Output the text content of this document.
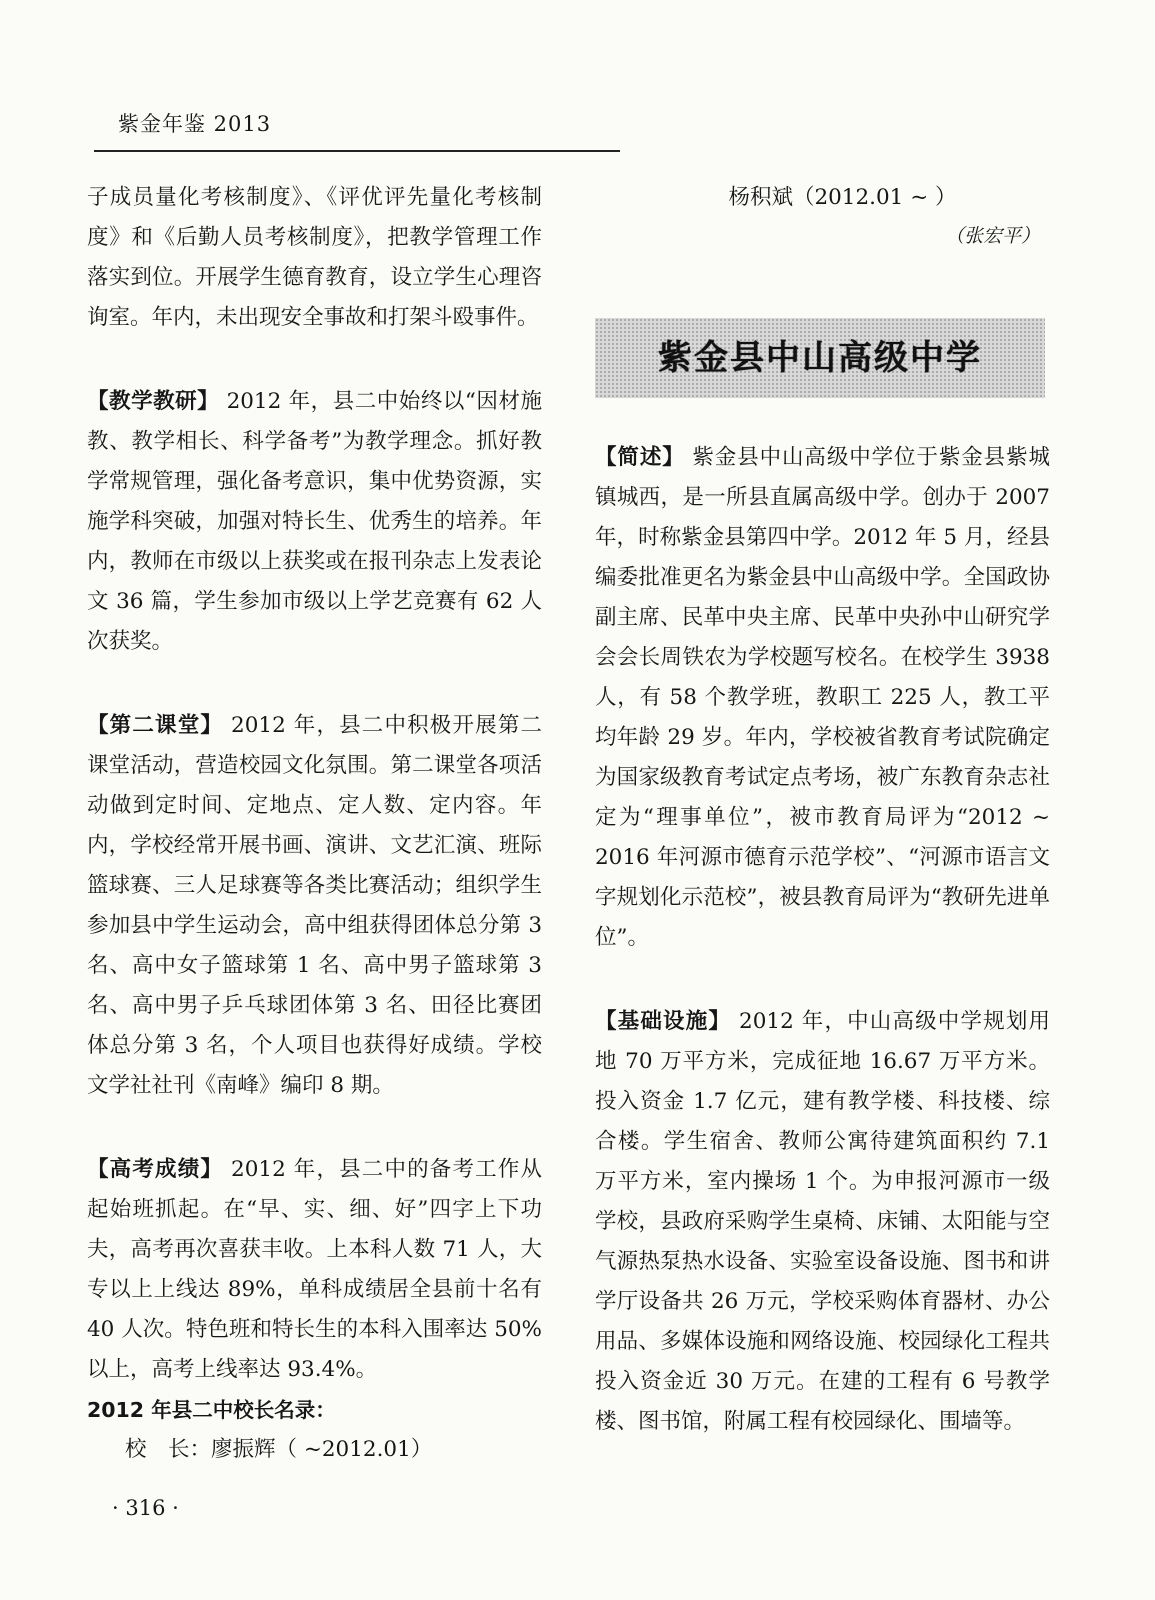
紫金年鉴 2013

子成员量化考核制度》、《评优评先量化考核制度》和《后勤人员考核制度》，把教学管理工作落实到位。开展学生德育教育，设立学生心理咨询室。年内，未出现安全事故和打架斗殴事件。

【教学教研】 2012 年，县二中始终以“因材施教、教学相长、科学备考”为教学理念。抓好教学常规管理，强化备考意识，集中优势资源，实施学科突破，加强对特长生、优秀生的培养。年内，教师在市级以上获奖或在报刊杂志上发表论文 36 篇，学生参加市级以上学艺竞赛有 62 人次获奖。

【第二课堂】 2012 年，县二中积极开展第二课堂活动，营造校园文化氛围。第二课堂各项活动做到定时间、定地点、定人数、定内容。年内，学校经常开展书画、演讲、文艺汇演、班际篮球赛、三人足球赛等各类比赛活动；组织学生参加县中学生运动会，高中组获得团体总分第 3 名、高中女子篮球第 1 名、高中男子篮球第 3 名、高中男子乒乓球团体第 3 名、田径比赛团体总分第 3 名，个人项目也获得好成绩。学校文学社社刊《南峰》编印 8 期。

【高考成绩】 2012 年，县二中的备考工作从起始班抓起。在“早、实、细、好”四字上下功夫，高考再次喜获丰收。上本科人数 71 人，大专以上上线达 89%，单科成绩居全县前十名有 40 人次。特色班和特长生的本科入围率达 50% 以上，高考上线率达 93.4%。

2012 年县二中校长名录：

校　长：廖振辉（ ~2012.01）

杨积斌（2012.01 ~ ）

（张宏平）

紫金县中山高级中学

【简述】 紫金县中山高级中学位于紫金县紫城镇城西，是一所县直属高级中学。创办于 2007 年，时称紫金县第四中学。2012 年 5 月，经县编委批准更名为紫金县中山高级中学。全国政协副主席、民革中央主席、民革中央孙中山研究学会会长周铁农为学校题写校名。在校学生 3938 人，有 58 个教学班，教职工 225 人，教工平均年龄 29 岁。年内，学校被省教育考试院确定为国家级教育考试定点考场，被广东教育杂志社定为“理事单位”，被市教育局评为“2012 ~ 2016 年河源市德育示范学校”、“河源市语言文字规划化示范校”，被县教育局评为“教研先进单位”。

【基础设施】 2012 年，中山高级中学规划用地 70 万平方米，完成征地 16.67 万平方米。投入资金 1.7 亿元，建有教学楼、科技楼、综合楼。学生宿舍、教师公寓待建筑面积约 7.1 万平方米，室内操场 1 个。为申报河源市一级学校，县政府采购学生桌椅、床铺、太阳能与空气源热泵热水设备、实验室设备设施、图书和讲学厅设备共 26 万元，学校采购体育器材、办公用品、多媒体设施和网络设施、校园绿化工程共投入资金近 30 万元。在建的工程有 6 号教学楼、图书馆，附属工程有校园绿化、围墙等。

· 316 ·
